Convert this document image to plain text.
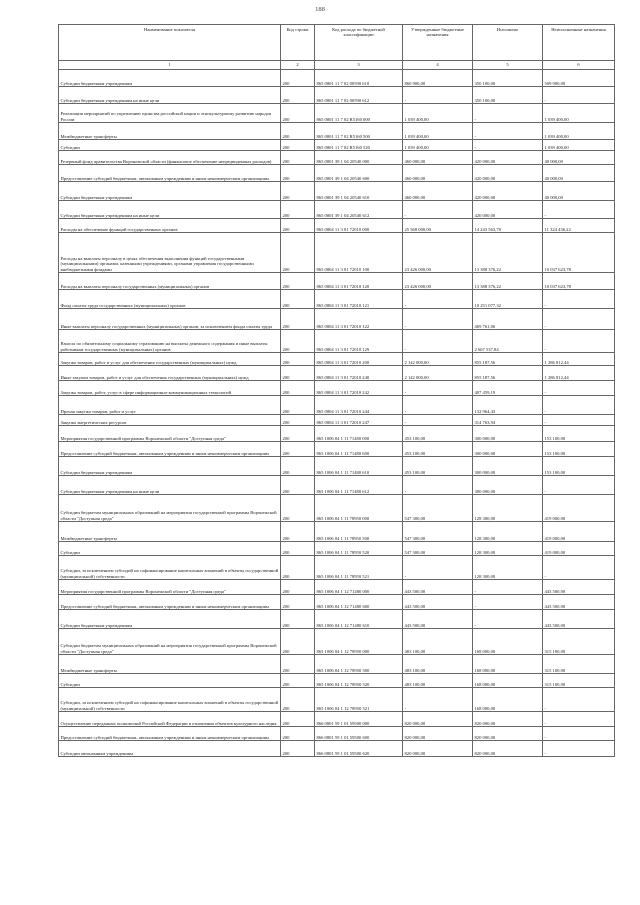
188
Наименование показателя	Код строки	Код расхода по бюджетной классификации	Утвержденные бюджетные назначения	Исполнено	Неисполненные назначения
1	2	3	4	5	6
Субсидии бюджетным учреждениям	200	865 0801 11 7 02 00590 610	860 900,00	350 100,00	509 900,00
Субсидии бюджетным учреждениям на иные цели	200	865 0801 11 7 02 00590 612	-	350 100,00	-
Реализация мероприятий по укреплению единства российской нации и этнокультурному развитию народов России	200	865 0801 11 7 02 R5160 000	1 039 400,00	-	1 039 400,00
Межбюджетные трансферты	200	865 0801 11 7 02 R5160 500	1 039 400,00	-	1 039 400,00
Субсидии	200	865 0801 11 7 02 R5160 520	1 039 400,00	-	1 039 400,00
Резервный фонд правительства Воронежской области (финансовое обеспечение непредвиденных расходов)	200	865 0801 39 1 04 20540 000	460 000,00	420 000,00	40 000,00
Предоставление субсидий бюджетным, автономным учреждениям и иным некоммерческим организациям	200	865 0801 39 1 04 20540 600	460 000,00	420 000,00	40 000,00
Субсидии бюджетным учреждениям	200	865 0801 39 1 04 20540 610	460 000,00	420 000,00	40 000,00
Субсидии бюджетным учреждениям на иные цели	200	865 0801 39 1 04 20540 612	-	420 000,00	-
Расходы на обеспечение функций государственных органов	200	865 0804 11 3 01 72010 000	25 568 000,00	14 243 563,78	11 324 436,22
Расходы на выплаты персоналу в целях обеспечения выполнения функций государственными (муниципальными) органами, казенными учреждениями, органами управления государственными внебюджетными фондами	200	865 0804 11 3 01 72010 100	23 426 000,00	13 388 376,22	10 037 623,78
Расходы на выплаты персоналу государственных (муниципальных) органов	200	865 0804 11 3 01 72010 120	23 426 000,00	13 388 376,22	10 037 623,78
Фонд оплаты труда государственных (муниципальных) органов	200	865 0804 11 3 01 72010 121	-	10 251 077,32	-
Иные выплаты персоналу государственных (муниципальных) органов, за исключением фонда оплаты труда	200	865 0804 11 3 01 72010 122	-	469 761,06	-
Взносы по обязательному социальному страхованию на выплаты денежного содержания и иные выплаты работникам государственных (муниципальных) органов	200	865 0804 11 3 01 72010 129	-	2 667 537,84	-
Закупка товаров, работ и услуг для обеспечения государственных (муниципальных) нужд	200	865 0804 11 3 01 72010 200	2 142 000,00	855 187,56	1 286 812,44
Иные закупки товаров, работ и услуг для обеспечения государственных (муниципальных) нужд	200	865 0804 11 3 01 72010 240	2 142 000,00	855 187,56	1 286 812,44
Закупка товаров, работ, услуг в сфере информационно-коммуникационных технологий	200	865 0804 11 3 01 72010 242	-	407 459,19	-
Прочая закупка товаров, работ и услуг	200	865 0804 11 3 01 72010 244	-	132 964,43	-
Закупка энергетических ресурсов	200	865 0804 11 3 01 72010 247	-	314 763,94	-
Мероприятия государственной программы Воронежской области "Доступная среда"	200	865 1006 04 1 11 71480 000	453 100,00	300 000,00	153 100,00
Предоставление субсидий бюджетным, автономным учреждениям и иным некоммерческим организациям	200	865 1006 04 1 11 71480 600	453 100,00	300 000,00	153 100,00
Субсидии бюджетным учреждениям	200	865 1006 04 1 11 71480 610	453 100,00	300 000,00	153 100,00
Субсидии бюджетным учреждениям на иные цели	200	865 1006 04 1 11 71480 612	-	300 000,00	-
Субсидии бюджетам муниципальных образований на мероприятия государственной программы Воронежской области "Доступная среда"	200	865 1006 04 1 11 78950 000	547 300,00	128 300,00	419 000,00
Межбюджетные трансферты	200	865 1006 04 1 11 78950 500	547 300,00	128 300,00	419 000,00
Субсидии	200	865 1006 04 1 11 78950 520	547 300,00	128 300,00	419 000,00
Субсидии, за исключением субсидий на софинансирование капитальных вложений в объекты государственной (муниципальной) собственности	200	865 1006 04 1 11 78950 521	-	128 300,00	-
Мероприятия государственной программы Воронежской области "Доступная среда"	200	865 1006 04 1 12 71480 000	443 500,00	-	443 500,00
Предоставление субсидий бюджетным, автономным учреждениям и иным некоммерческим организациям	200	865 1006 04 1 12 71480 600	443 500,00	-	443 500,00
Субсидии бюджетным учреждениям	200	865 1006 04 1 12 71480 610	443 500,00	-	443 500,00
Субсидии бюджетам муниципальных образований на мероприятия государственной программы Воронежской области "Доступная среда"	200	865 1006 04 1 12 78950 000	483 100,00	168 000,00	315 100,00
Межбюджетные трансферты	200	865 1006 04 1 12 78950 500	483 100,00	168 000,00	315 100,00
Субсидии	200	865 1006 04 1 12 78950 520	483 100,00	168 000,00	315 100,00
Субсидии, за исключением субсидий на софинансирование капитальных вложений в объекты государственной (муниципальной) собственности	200	865 1006 04 1 12 78950 521	-	168 000,00	-
Осуществление переданных полномочий Российской Федерации в отношении объектов культурного наследия	200	866 0801 59 1 01 59500 000	820 000,00	820 000,00	-
Предоставление субсидий бюджетным, автономным учреждениям и иным некоммерческим организациям	200	866 0801 59 1 01 59500 600	820 000,00	820 000,00	-
Субсидии автономным учреждениям	200	866 0801 59 1 01 59500 620	820 000,00	820 000,00	-
